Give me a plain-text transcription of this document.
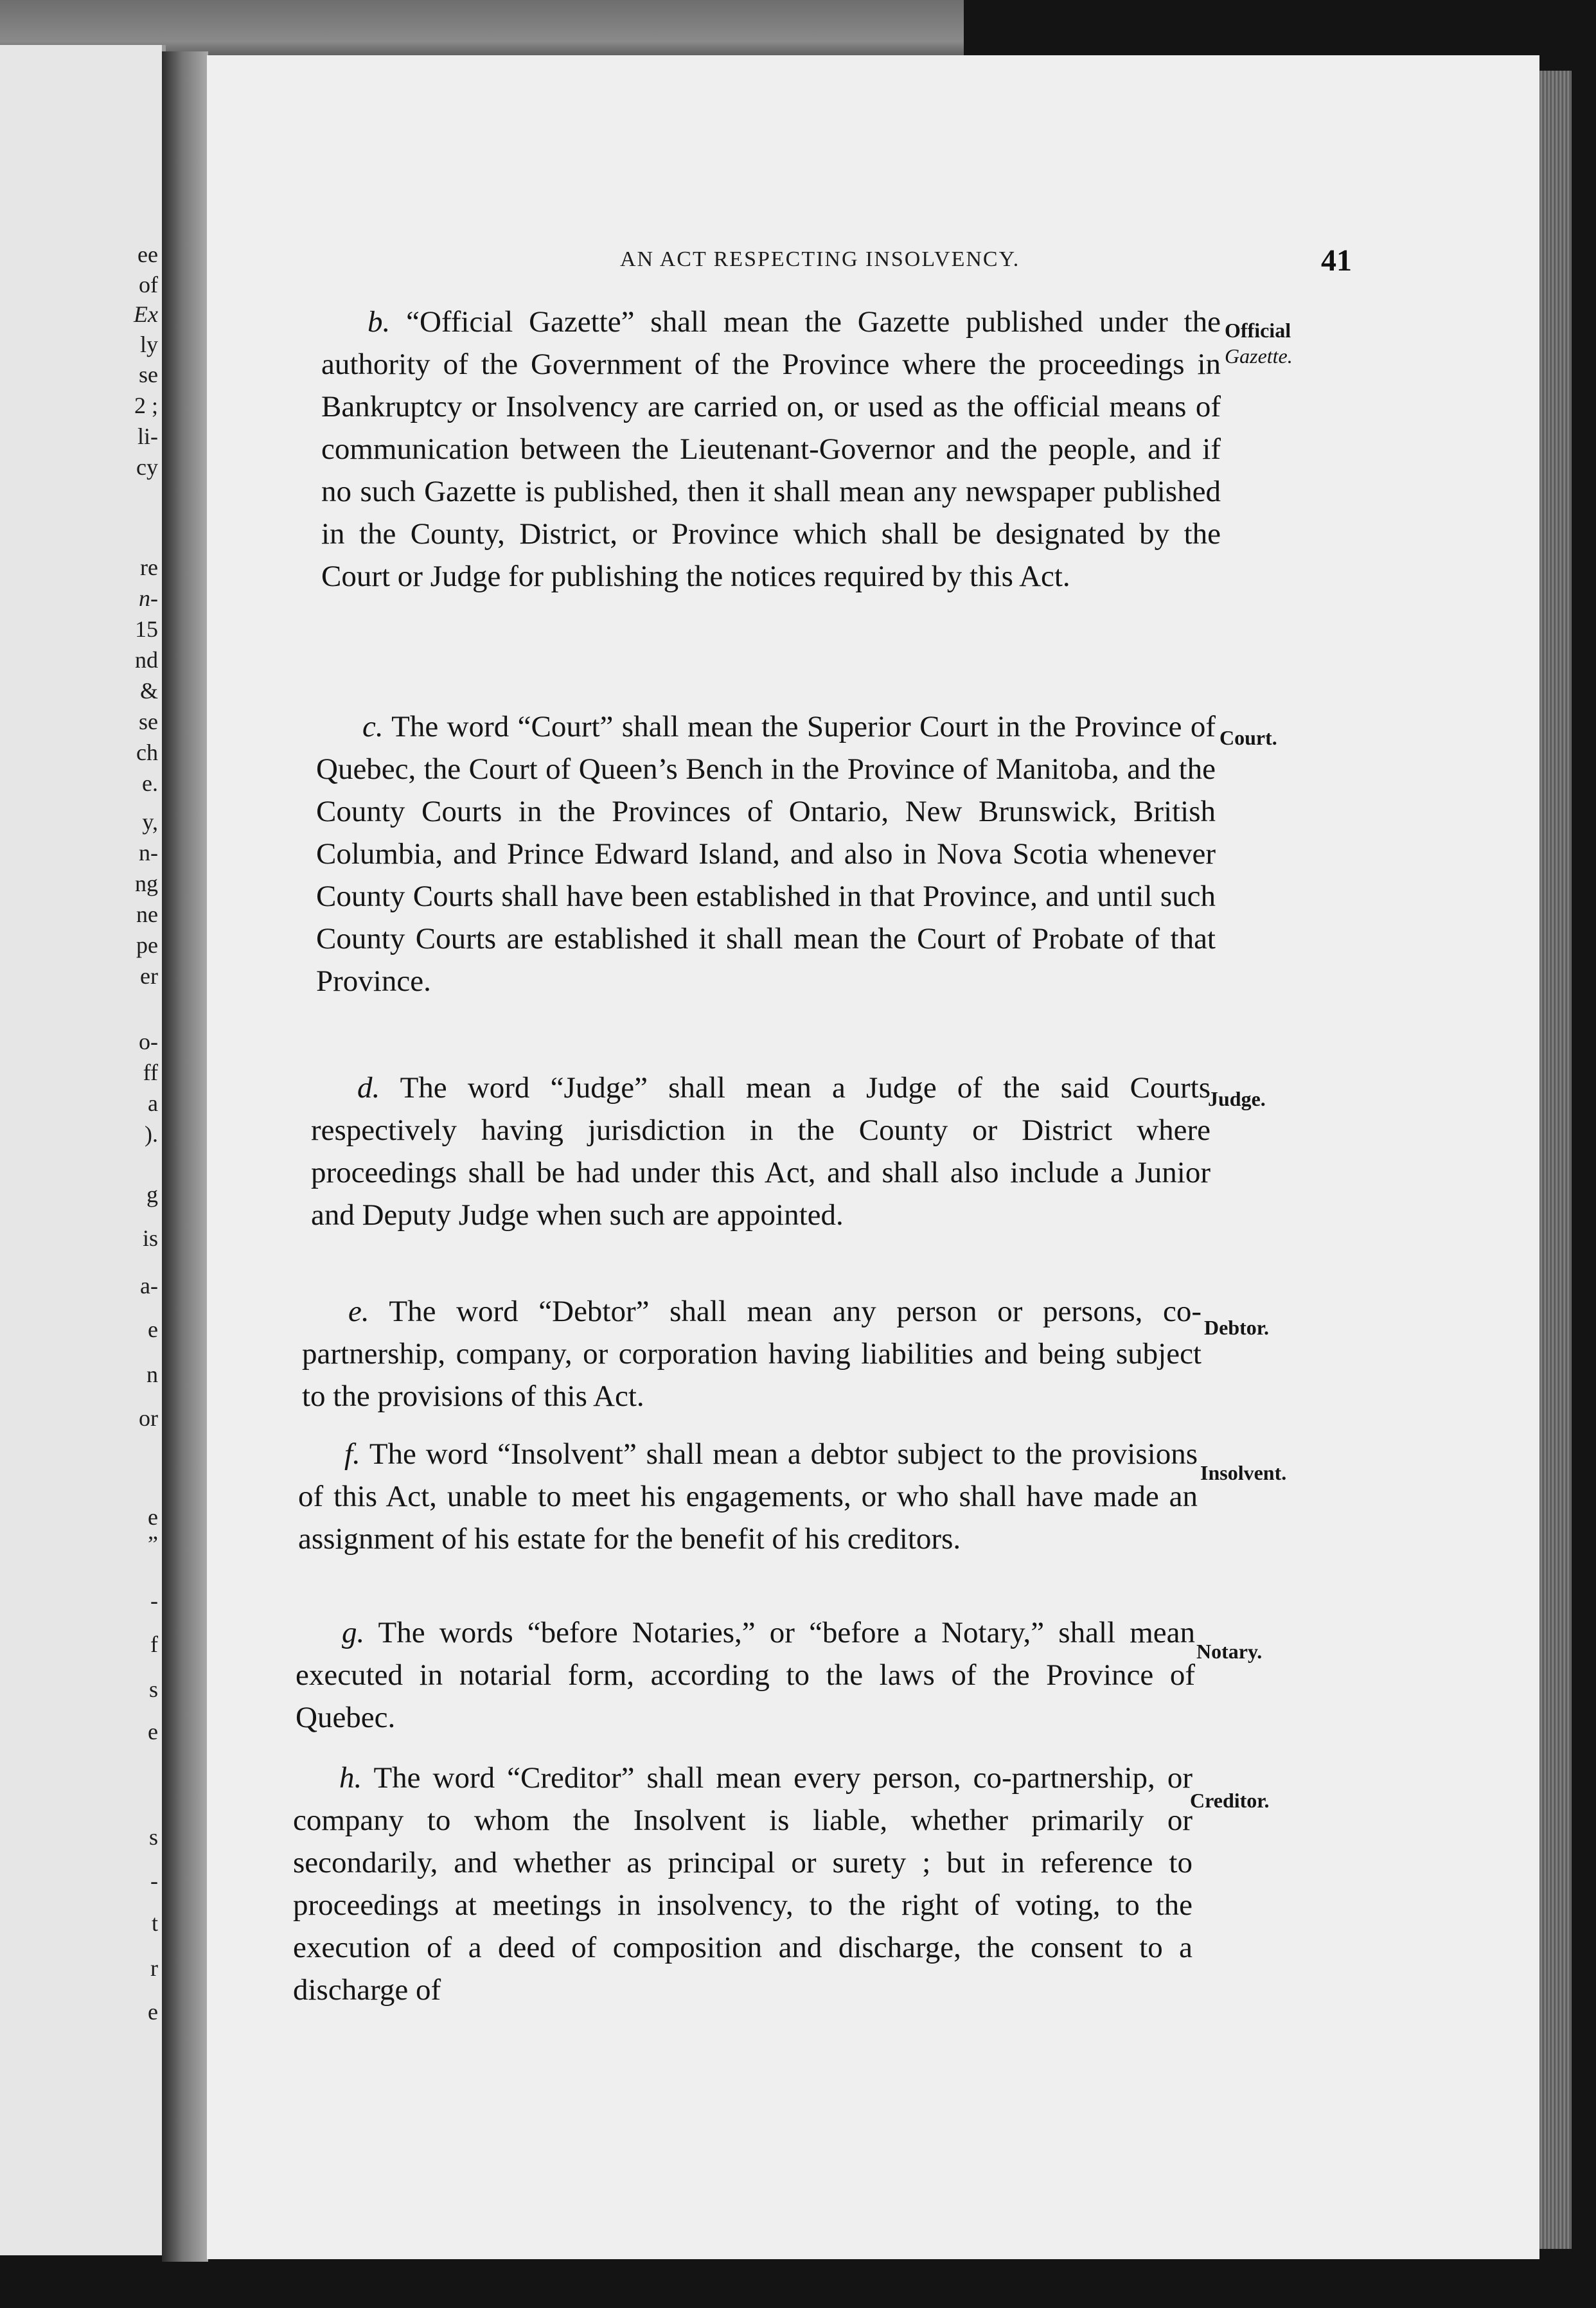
ee
of
Ex
ly
se
2 ;
li-
cy
re
n-
15
nd
&
se
ch
e.
y,
n-
ng
ne
pe
er
o-
ff
a
).
g
is
a-
e
n
or
e
”
-
f
s
e
s
-
t
r
e
AN ACT RESPECTING INSOLVENCY.	41

b. “Official Gazette” shall mean the Gazette published under the authority of the Government of the Province where the proceedings in Bankruptcy or Insolvency are carried on, or used as the official means of communication between the Lieutenant-Governor and the people, and if no such Gazette is published, then it shall mean any newspaper published in the County, District, or Province which shall be designated by the Court or Judge for publishing the notices required by this Act.

Official
Gazette.

c. The word “Court” shall mean the Superior Court in the Province of Quebec, the Court of Queen’s Bench in the Province of Manitoba, and the County Courts in the Provinces of Ontario, New Brunswick, British Columbia, and Prince Edward Island, and also in Nova Scotia whenever County Courts shall have been established in that Province, and until such County Courts are established it shall mean the Court of Probate of that Province.

Court.

d. The word “Judge” shall mean a Judge of the said Courts respectively having jurisdiction in the County or District where proceedings shall be had under this Act, and shall also include a Junior and Deputy Judge when such are appointed.

Judge.

e. The word “Debtor” shall mean any person or persons, co-partnership, company, or corporation having liabilities and being subject to the provisions of this Act.

Debtor.

f. The word “Insolvent” shall mean a debtor subject to the provisions of this Act, unable to meet his engagements, or who shall have made an assignment of his estate for the benefit of his creditors.

Insolvent.

g. The words “before Notaries,” or “before a Notary,” shall mean executed in notarial form, according to the laws of the Province of Quebec.

Notary.

h. The word “Creditor” shall mean every person, co-partnership, or company to whom the Insolvent is liable, whether primarily or secondarily, and whether as principal or surety ; but in reference to proceedings at meetings in insolvency, to the right of voting, to the execution of a deed of composition and discharge, the consent to a discharge of

Creditor.
